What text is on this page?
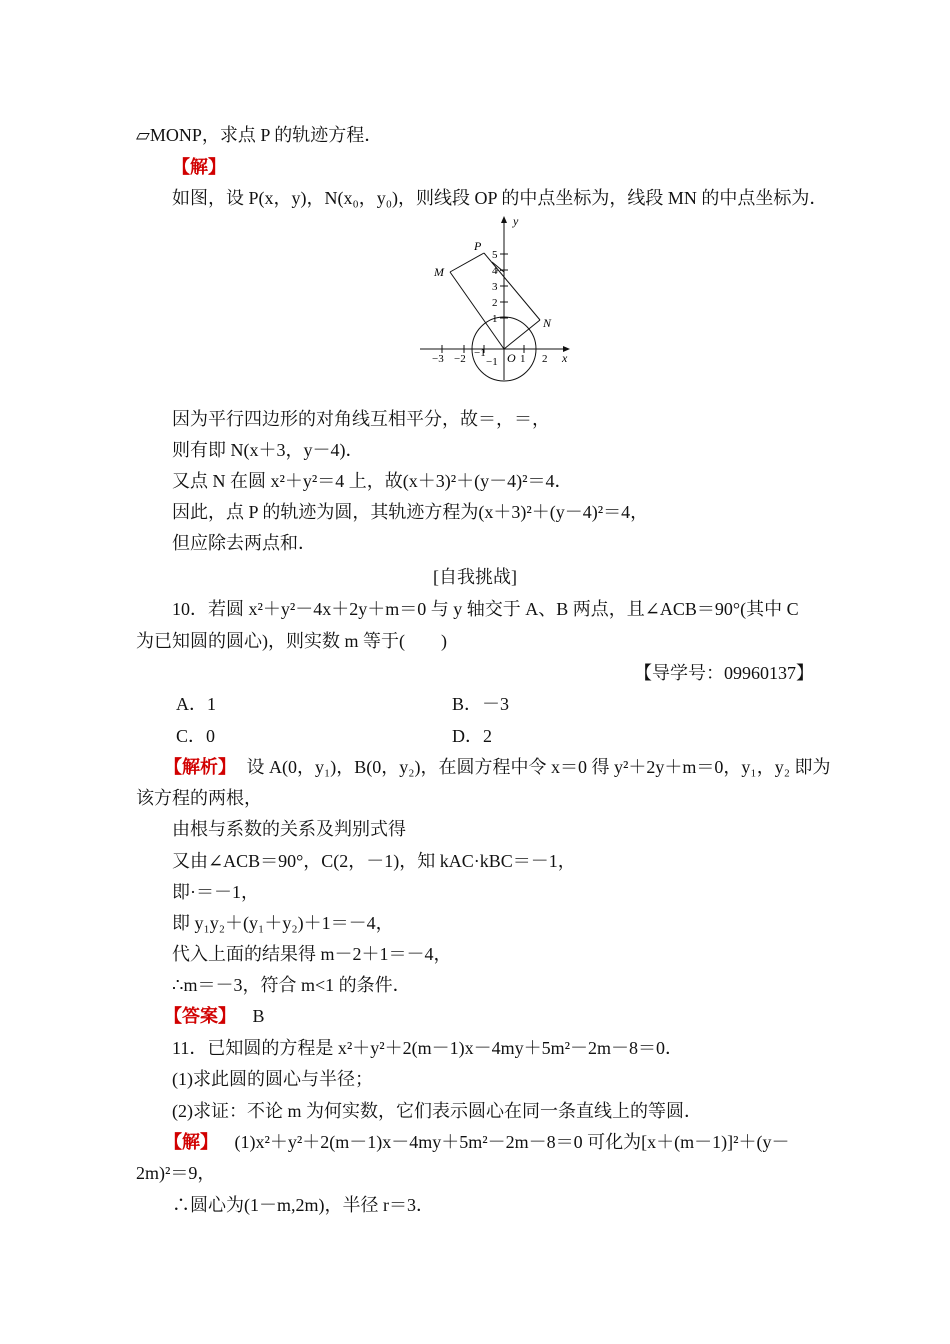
▱MONP，求点 P 的轨迹方程．
【解】
如图，设 P(x，y)，N(x₀，y₀)，则线段 OP 的中点坐标为，线段 MN 的中点坐标为．
y
x
O
P
M
N
5
4
3
2
1
−1
−3 −2 −1	1 2
因为平行四边形的对角线互相平分，故＝，＝，
则有即 N(x＋3，y－4)．
又点 N 在圆 x²＋y²＝4 上，故(x＋3)²＋(y－4)²＝4．
因此，点 P 的轨迹为圆，其轨迹方程为(x＋3)²＋(y－4)²＝4，
但应除去两点和．
[自我挑战]
10．若圆 x²＋y²－4x＋2y＋m＝0 与 y 轴交于 A、B 两点，且∠ACB＝90°(其中 C
为已知圆的圆心)，则实数 m 等于(　　)
【导学号：09960137】
A．1	B．－3
C．0	D．2
【解析】 设 A(0，y₁)，B(0，y₂)，在圆方程中令 x＝0 得 y²＋2y＋m＝0，y₁，y₂ 即为
该方程的两根，
由根与系数的关系及判别式得
又由∠ACB＝90°，C(2，－1)，知 kAC·kBC＝－1，
即·＝－1，
即 y₁y₂＋(y₁＋y₂)＋1＝－4，
代入上面的结果得 m－2＋1＝－4，
∴m＝－3，符合 m<1 的条件．
【答案】 B
11．已知圆的方程是 x²＋y²＋2(m－1)x－4my＋5m²－2m－8＝0．
(1)求此圆的圆心与半径；
(2)求证：不论 m 为何实数，它们表示圆心在同一条直线上的等圆．
【解】 (1)x²＋y²＋2(m－1)x－4my＋5m²－2m－8＝0 可化为[x＋(m－1)]²＋(y－
2m)²＝9，
∴圆心为(1－m,2m)，半径 r＝3．
